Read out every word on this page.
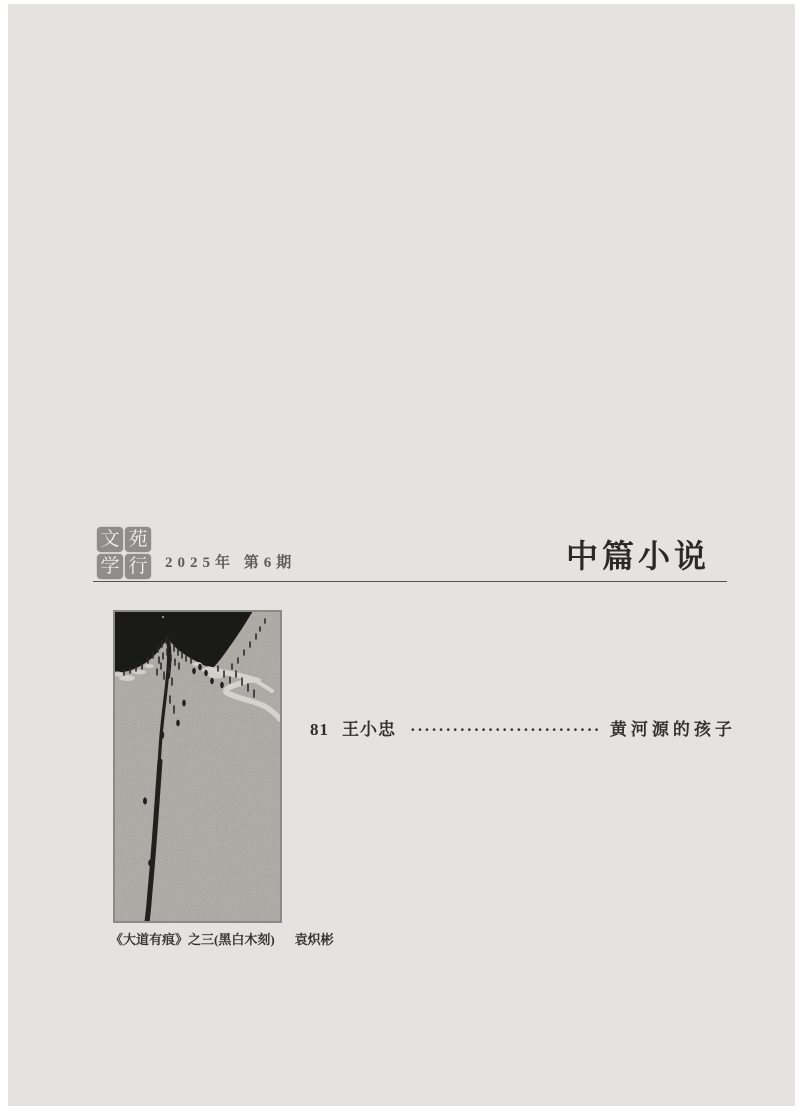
文 苑
学 行 2025年 第6期	中篇小说
《大道有痕》之三(黑白木刻) 袁炽彬
81 王小忠 ··························· 黄河源的孩子
